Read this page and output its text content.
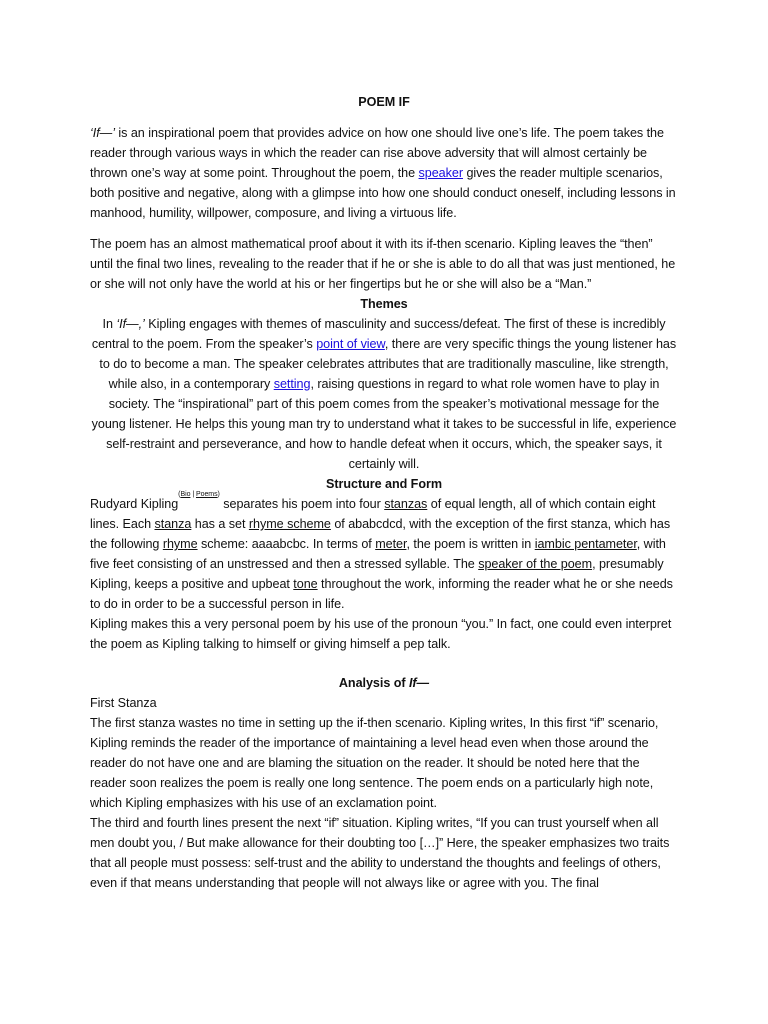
POEM IF

‘If—’ is an inspirational poem that provides advice on how one should live one’s life. The poem takes the reader through various ways in which the reader can rise above adversity that will almost certainly be thrown one’s way at some point. Throughout the poem, the speaker gives the reader multiple scenarios, both positive and negative, along with a glimpse into how one should conduct oneself, including lessons in manhood, humility, willpower, composure, and living a virtuous life.

The poem has an almost mathematical proof about it with its if-then scenario. Kipling leaves the “then” until the final two lines, revealing to the reader that if he or she is able to do all that was just mentioned, he or she will not only have the world at his or her fingertips but he or she will also be a “Man.”

Themes

In ‘If—,’ Kipling engages with themes of masculinity and success/defeat. The first of these is incredibly central to the poem. From the speaker’s point of view, there are very specific things the young listener has to do to become a man. The speaker celebrates attributes that are traditionally masculine, like strength, while also, in a contemporary setting, raising questions in regard to what role women have to play in society. The “inspirational” part of this poem comes from the speaker’s motivational message for the young listener. He helps this young man try to understand what it takes to be successful in life, experience self-restraint and perseverance, and how to handle defeat when it occurs, which, the speaker says, it certainly will.

Structure and Form

Rudyard Kipling$^{(Bio | Poems)}$ separates his poem into four stanzas of equal length, all of which contain eight lines. Each stanza has a set rhyme scheme of ababcdcd, with the exception of the first stanza, which has the following rhyme scheme: aaaabcbc. In terms of meter, the poem is written in iambic pentameter, with five feet consisting of an unstressed and then a stressed syllable. The speaker of the poem, presumably Kipling, keeps a positive and upbeat tone throughout the work, informing the reader what he or she needs to do in order to be a successful person in life.

Kipling makes this a very personal poem by his use of the pronoun “you.” In fact, one could even interpret the poem as Kipling talking to himself or giving himself a pep talk.

Analysis of If—

First Stanza

The first stanza wastes no time in setting up the if-then scenario. Kipling writes, In this first “if” scenario, Kipling reminds the reader of the importance of maintaining a level head even when those around the reader do not have one and are blaming the situation on the reader. It should be noted here that the reader soon realizes the poem is really one long sentence. The poem ends on a particularly high note, which Kipling emphasizes with his use of an exclamation point.

The third and fourth lines present the next “if” situation. Kipling writes, “If you can trust yourself when all men doubt you, / But make allowance for their doubting too […]” Here, the speaker emphasizes two traits that all people must possess: self-trust and the ability to understand the thoughts and feelings of others, even if that means understanding that people will not always like or agree with you. The final
